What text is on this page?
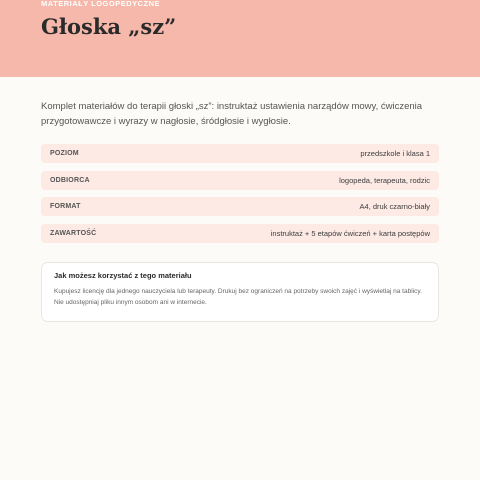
MATERIAŁY LOGOPEDYCZNE
Głoska „sz”

Komplet materiałów do terapii głoski „sz”: instruktaż ustawienia narządów mowy, ćwiczenia przygotowawcze i wyrazy w nagłosie, śródgłosie i wygłosie.

POZIOM	przedszkole i klasa 1
ODBIORCA	logopeda, terapeuta, rodzic
FORMAT	A4, druk czarno-biały
ZAWARTOŚĆ	instruktaż + 5 etapów ćwiczeń + karta postępów
Jak możesz korzystać z tego materiału
Kupujesz licencję dla jednego nauczyciela lub terapeuty. Drukuj bez ograniczeń na potrzeby swoich zajęć i wyświetlaj na tablicy. Nie udostępniaj pliku innym osobom ani w internecie.
